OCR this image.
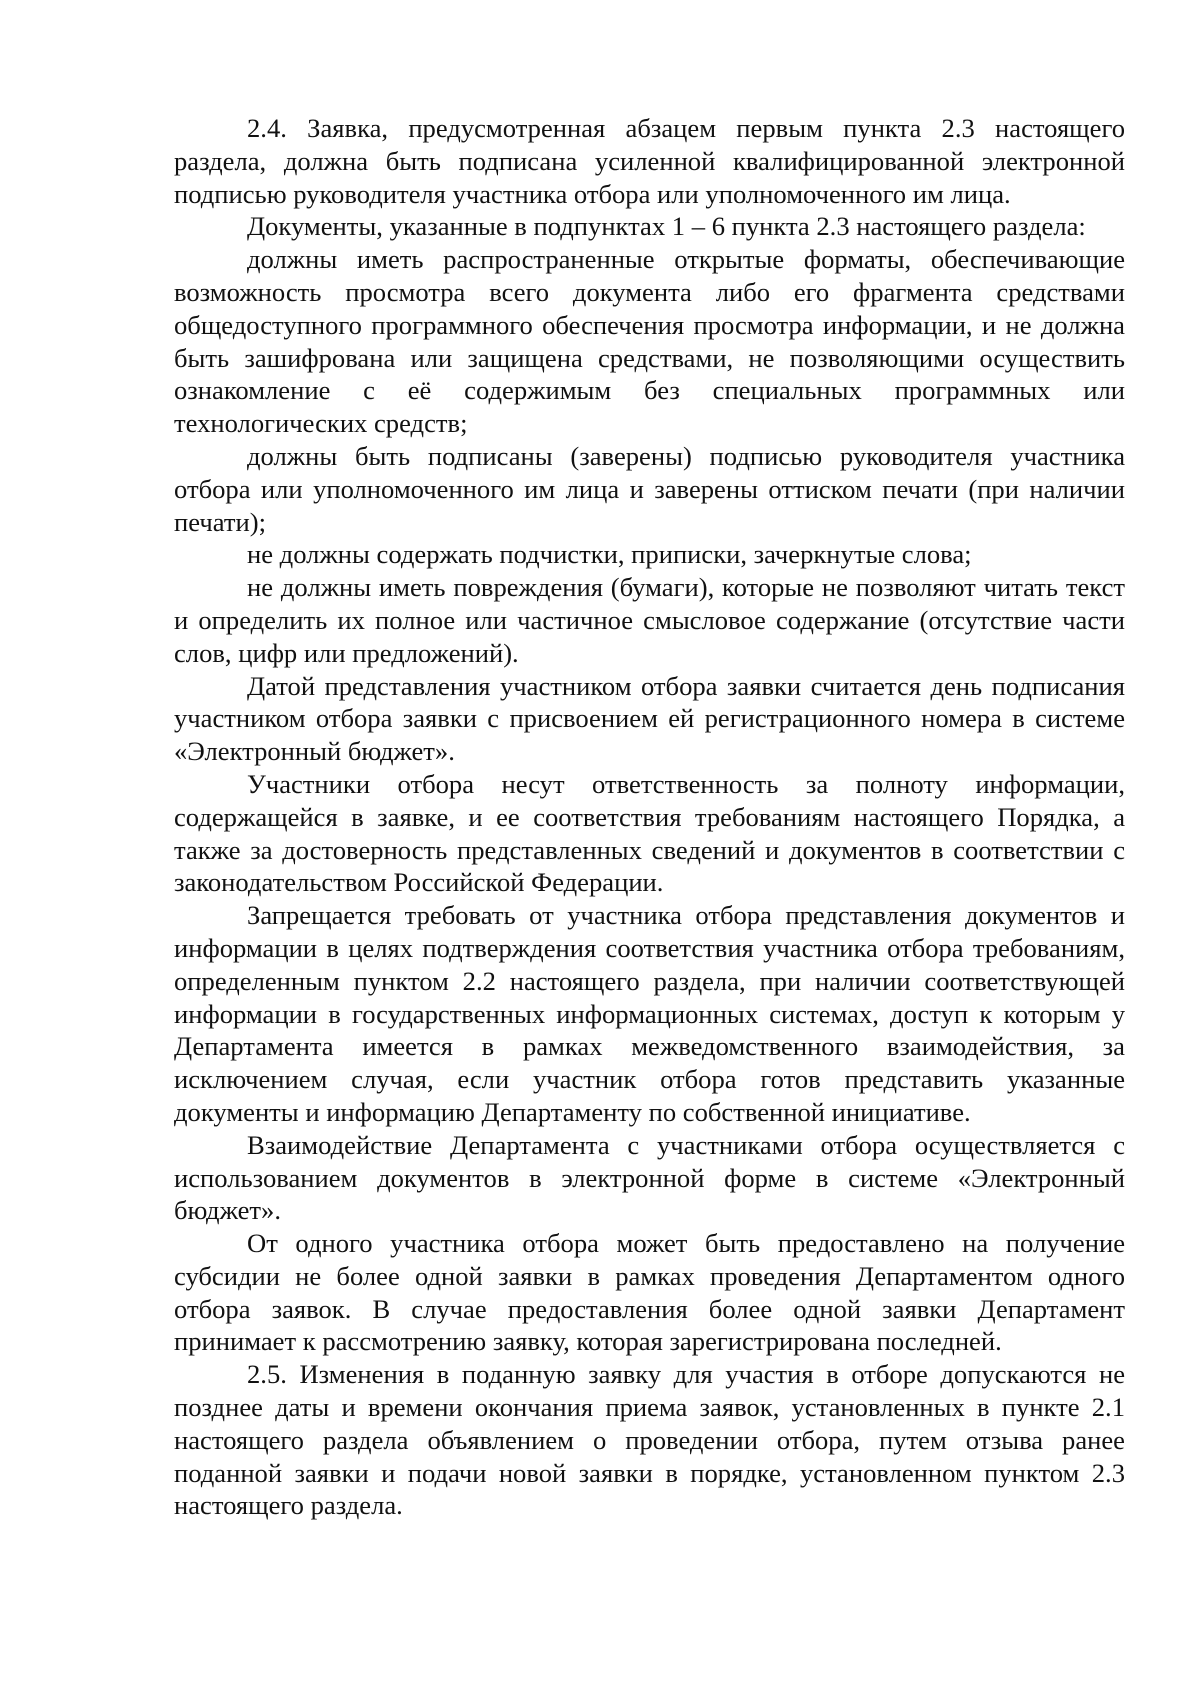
2.4. Заявка, предусмотренная абзацем первым пункта 2.3 настоящего раздела, должна быть подписана усиленной квалифицированной электронной подписью руководителя участника отбора или уполномоченного им лица.

Документы, указанные в подпунктах 1 – 6 пункта 2.3 настоящего раздела:

должны иметь распространенные открытые форматы, обеспечивающие возможность просмотра всего документа либо его фрагмента средствами общедоступного программного обеспечения просмотра информации, и не должна быть зашифрована или защищена средствами, не позволяющими осуществить ознакомление с её содержимым без специальных программных или технологических средств;

должны быть подписаны (заверены) подписью руководителя участника отбора или уполномоченного им лица и заверены оттиском печати (при наличии печати);

не должны содержать подчистки, приписки, зачеркнутые слова;

не должны иметь повреждения (бумаги), которые не позволяют читать текст и определить их полное или частичное смысловое содержание (отсутствие части слов, цифр или предложений).

Датой представления участником отбора заявки считается день подписания участником отбора заявки с присвоением ей регистрационного номера в системе «Электронный бюджет».

Участники отбора несут ответственность за полноту информации, содержащейся в заявке, и ее соответствия требованиям настоящего Порядка, а также за достоверность представленных сведений и документов в соответствии с законодательством Российской Федерации.

Запрещается требовать от участника отбора представления документов и информации в целях подтверждения соответствия участника отбора требованиям, определенным пунктом 2.2 настоящего раздела, при наличии соответствующей информации в государственных информационных системах, доступ к которым у Департамента имеется в рамках межведомственного взаимодействия, за исключением случая, если участник отбора готов представить указанные документы и информацию Департаменту по собственной инициативе.

Взаимодействие Департамента с участниками отбора осуществляется с использованием документов в электронной форме в системе «Электронный бюджет».

От одного участника отбора может быть предоставлено на получение субсидии не более одной заявки в рамках проведения Департаментом одного отбора заявок. В случае предоставления более одной заявки Департамент принимает к рассмотрению заявку, которая зарегистрирована последней.

2.5. Изменения в поданную заявку для участия в отборе допускаются не позднее даты и времени окончания приема заявок, установленных в пункте 2.1 настоящего раздела объявлением о проведении отбора, путем отзыва ранее поданной заявки и подачи новой заявки в порядке, установленном пунктом 2.3 настоящего раздела.
